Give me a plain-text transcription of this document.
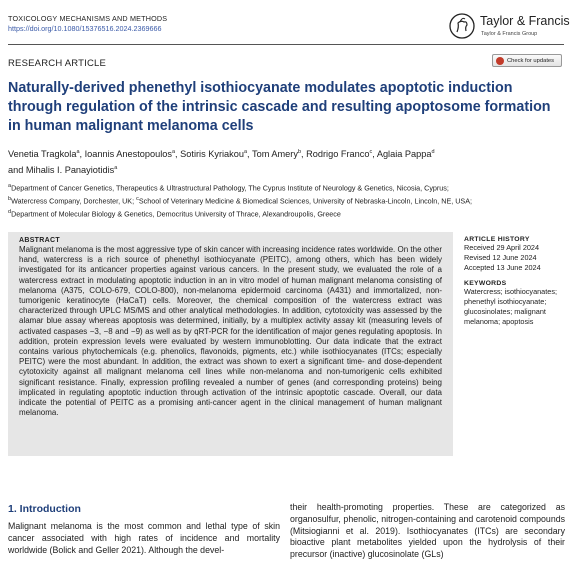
TOXICOLOGY MECHANISMS AND METHODS
https://doi.org/10.1080/15376516.2024.2369666
Taylor & Francis
Taylor & Francis Group
RESEARCH ARTICLE	Check for updates
Naturally-derived phenethyl isothiocyanate modulates apoptotic induction through regulation of the intrinsic cascade and resulting apoptosome formation in human malignant melanoma cells
Venetia Tragkola$^a$, Ioannis Anestopoulos$^a$, Sotiris Kyriakou$^a$, Tom Amery$^b$, Rodrigo Franco$^c$, Aglaia Pappa$^d$
and Mihalis I. Panayiotidis$^a$
$^a$Department of Cancer Genetics, Therapeutics & Ultrastructural Pathology, The Cyprus Institute of Neurology & Genetics, Nicosia, Cyprus;
$^b$Watercress Company, Dorchester, UK; $^c$School of Veterinary Medicine & Biomedical Sciences, University of Nebraska-Lincoln, Lincoln, NE, USA;
$^d$Department of Molecular Biology & Genetics, Democritus University of Thrace, Alexandroupolis, Greece
ABSTRACT

Malignant melanoma is the most aggressive type of skin cancer with increasing incidence rates worldwide. On the other hand, watercress is a rich source of phenethyl isothiocyanate (PEITC), among others, which has been widely investigated for its anticancer properties against various cancers. In the present study, we evaluated the role of a watercress extract in modulating apoptotic induction in an in vitro model of human malignant melanoma consisting of melanoma (A375, COLO-679, COLO-800), non-melanoma epidermoid carcinoma (A431) and immortalized, non-tumorigenic keratinocyte (HaCaT) cells. Moreover, the chemical composition of the watercress extract was characterized through UPLC MS/MS and other analytical methodologies. In addition, cytotoxicity was assessed by the alamar blue assay whereas apoptosis was determined, initially, by a multiplex activity assay kit (measuring levels of activated caspases −3, −8 and −9) as well as by qRT-PCR for the identification of major genes regulating apoptosis. In addition, protein expression levels were evaluated by western immunoblotting. Our data indicate that the extract contains various phytochemicals (e.g. phenolics, flavonoids, pigments, etc.) while isothiocyanates (ITCs; especially PEITC) were the most abundant. In addition, the extract was shown to exert a significant time- and dose-dependent cytotoxicity against all malignant melanoma cell lines while non-melanoma and non-tumorigenic cells exhibited significant resistance. Finally, expression profiling revealed a number of genes (and corresponding proteins) being implicated in regulating apoptotic induction through activation of the intrinsic apoptotic cascade. Overall, our data indicate the potential of PEITC as a promising anti-cancer agent in the clinical management of human malignant melanoma.

ARTICLE HISTORY
Received 29 April 2024
Revised 12 June 2024
Accepted 13 June 2024
KEYWORDS
Watercress; isothiocyanates; phenethyl isothiocyanate; glucosinolates; malignant melanoma; apoptosis
1. Introduction

Malignant melanoma is the most common and lethal type of skin cancer associated with high rates of incidence and mortality worldwide (Bolick and Geller 2021). Although the devel-

their health-promoting properties. These are categorized as organosulfur, phenolic, nitrogen-containing and carotenoid compounds (Mitsiogianni et al. 2019). Isothiocyanates (ITCs) are secondary bioactive plant metabolites yielded upon the hydrolysis of their precursor (inactive) glucosinolate (GLs)
